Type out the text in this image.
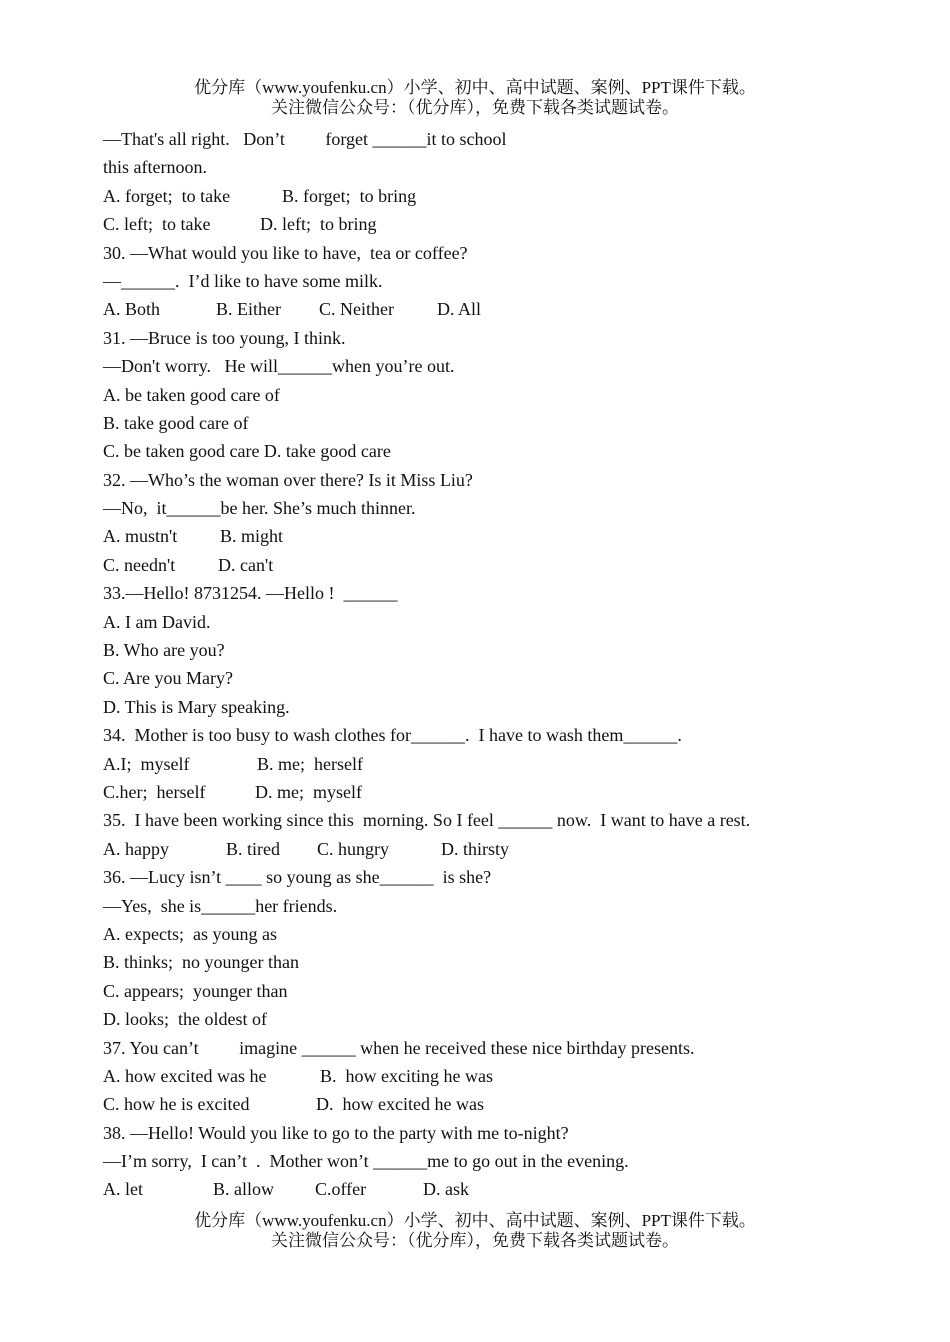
优分库（www.youfenku.cn）小学、初中、高中试题、案例、PPT课件下载。
关注微信公众号：（优分库），免费下载各类试题试卷。
—That's all right.   Don’t         forget ______it to school
this afternoon.
A. forget;  to take	B. forget;  to bring
C. left;  to take	D. left;  to bring
30. —What would you like to have,  tea or coffee?
—______.  I’d like to have some milk.
A. Both	B. Either C. Neither D. All
31. —Bruce is too young, I think.
—Don't worry.   He will______when you’re out.
A. be taken good care of
B. take good care of
C. be taken good care D. take good care
32. —Who’s the woman over there? Is it Miss Liu?
—No,  it______be her. She’s much thinner.
A. mustn't B. might
C. needn't D. can't
33.—Hello! 8731254. —Hello !  ______
A. I am David.
B. Who are you?
C. Are you Mary?
D. This is Mary speaking.
34.  Mother is too busy to wash clothes for______.  I have to wash them______.
A.I;  myself	B. me;  herself
C.her;  herself	D. me;  myself
35.  I have been working since this  morning. So I feel ______ now.  I want to have a rest.
A. happy	B. tired C. hungry	D. thirsty
36. —Lucy isn’t ____ so young as she______  is she?
—Yes,  she is______her friends.
A. expects;  as young as
B. thinks;  no younger than
C. appears;  younger than
D. looks;  the oldest of
37. You can’t         imagine ______ when he received these nice birthday presents.
A. how excited was he	B.  how exciting he was
C. how he is excited	D.  how excited he was
38. —Hello! Would you like to go to the party with me to-night?
—I’m sorry,  I can’t  .  Mother won’t ______me to go out in the evening.
A. let	B. allow C.offer	D. ask
优分库（www.youfenku.cn）小学、初中、高中试题、案例、PPT课件下载。
关注微信公众号：（优分库），免费下载各类试题试卷。
